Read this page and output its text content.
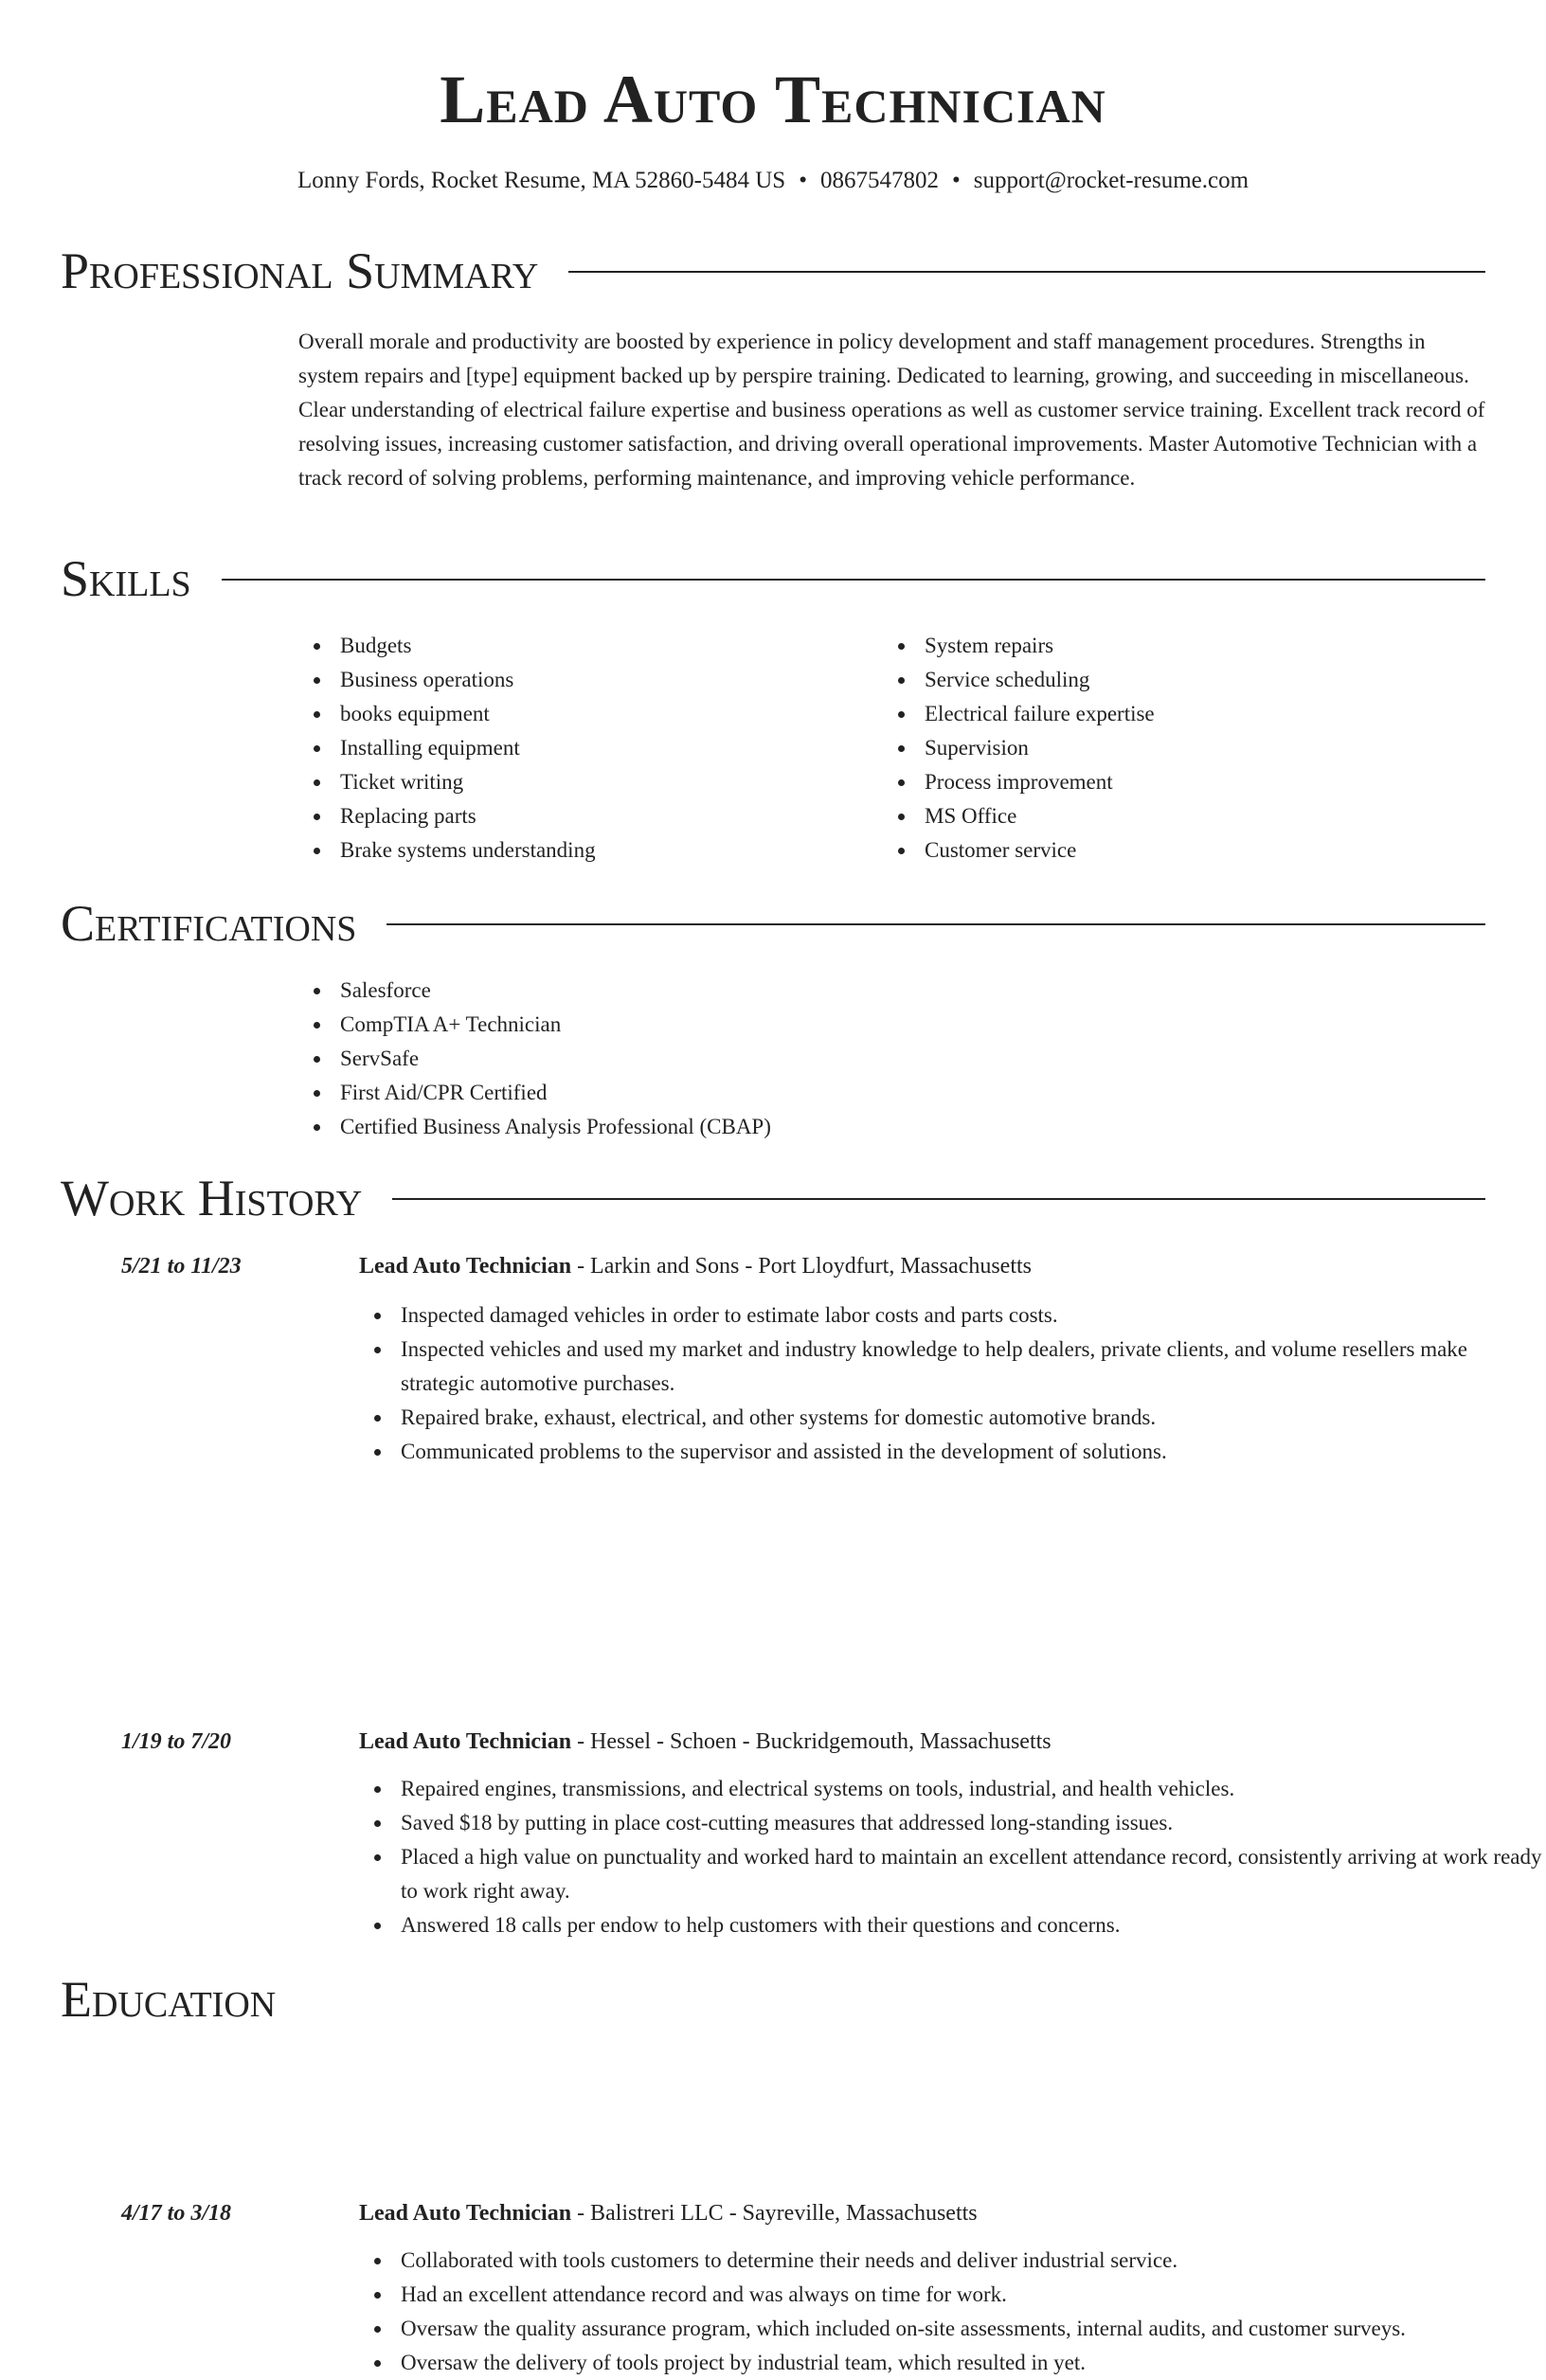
Lead Auto Technician
Lonny Fords, Rocket Resume, MA 52860-5484 US • 0867547802 • support@rocket-resume.com
Professional Summary

Overall morale and productivity are boosted by experience in policy development and staff management procedures. Strengths in system repairs and [type] equipment backed up by perspire training. Dedicated to learning, growing, and succeeding in miscellaneous. Clear understanding of electrical failure expertise and business operations as well as customer service training. Excellent track record of resolving issues, increasing customer satisfaction, and driving overall operational improvements. Master Automotive Technician with a track record of solving problems, performing maintenance, and improving vehicle performance.

Skills
Budgets
Business operations
books equipment
Installing equipment
Ticket writing
Replacing parts
Brake systems understanding
System repairs
Service scheduling
Electrical failure expertise
Supervision
Process improvement
MS Office
Customer service
Certifications
Salesforce
CompTIA A+ Technician
ServSafe
First Aid/CPR Certified
Certified Business Analysis Professional (CBAP)
Work History
5/21 to 11/23	Lead Auto Technician - Larkin and Sons - Port Lloydfurt, Massachusetts
Inspected damaged vehicles in order to estimate labor costs and parts costs.
Inspected vehicles and used my market and industry knowledge to help dealers, private clients, and volume resellers make strategic automotive purchases.
Repaired brake, exhaust, electrical, and other systems for domestic automotive brands.
Communicated problems to the supervisor and assisted in the development of solutions.
1/19 to 7/20	Lead Auto Technician - Hessel - Schoen - Buckridgemouth, Massachusetts
Repaired engines, transmissions, and electrical systems on tools, industrial, and health vehicles.
Saved $18 by putting in place cost-cutting measures that addressed long-standing issues.
Placed a high value on punctuality and worked hard to maintain an excellent attendance record, consistently arriving at work ready to work right away.
Answered 18 calls per endow to help customers with their questions and concerns.
4/17 to 3/18	Lead Auto Technician - Balistreri LLC - Sayreville, Massachusetts
Collaborated with tools customers to determine their needs and deliver industrial service.
Had an excellent attendance record and was always on time for work.
Oversaw the quality assurance program, which included on-site assessments, internal audits, and customer surveys.
Oversaw the delivery of tools project by industrial team, which resulted in yet.
Education
